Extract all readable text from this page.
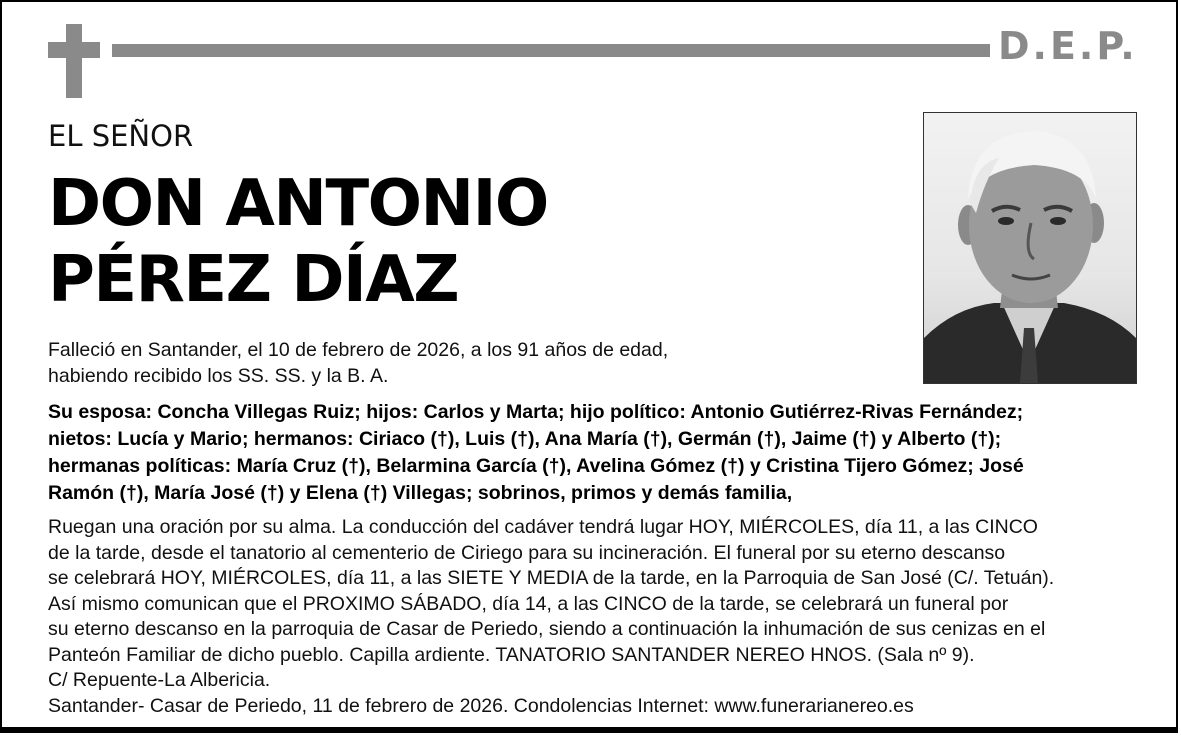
D.E.P.
EL SEÑOR
DON ANTONIO
PÉREZ DÍAZ
Falleció en Santander, el 10 de febrero de 2026, a los 91 años de edad,
habiendo recibido los SS. SS. y la B. A.
Su esposa: Concha Villegas Ruiz; hijos: Carlos y Marta; hijo político: Antonio Gutiérrez-Rivas Fernández;
nietos: Lucía y Mario; hermanos: Ciriaco (†), Luis (†), Ana María (†), Germán (†), Jaime (†) y Alberto (†);
hermanas políticas: María Cruz (†), Belarmina García (†), Avelina Gómez (†) y Cristina Tijero Gómez; José
Ramón (†), María José (†) y Elena (†) Villegas; sobrinos, primos y demás familia,
Ruegan una oración por su alma. La conducción del cadáver tendrá lugar HOY, MIÉRCOLES, día 11, a las CINCO
de la tarde, desde el tanatorio al cementerio de Ciriego para su incineración. El funeral por su eterno descanso
se celebrará HOY, MIÉRCOLES, día 11, a las SIETE Y MEDIA de la tarde, en la Parroquia de San José (C/. Tetuán).
Así mismo comunican que el PROXIMO SÁBADO, día 14, a las CINCO de la tarde, se celebrará un funeral por
su eterno descanso en la parroquia de Casar de Periedo, siendo a continuación la inhumación de sus cenizas en el
Panteón Familiar de dicho pueblo. Capilla ardiente. TANATORIO SANTANDER NEREO HNOS. (Sala nº 9).
C/ Repuente-La Albericia.
Santander- Casar de Periedo, 11 de febrero de 2026. Condolencias Internet: www.funerarianereo.es
